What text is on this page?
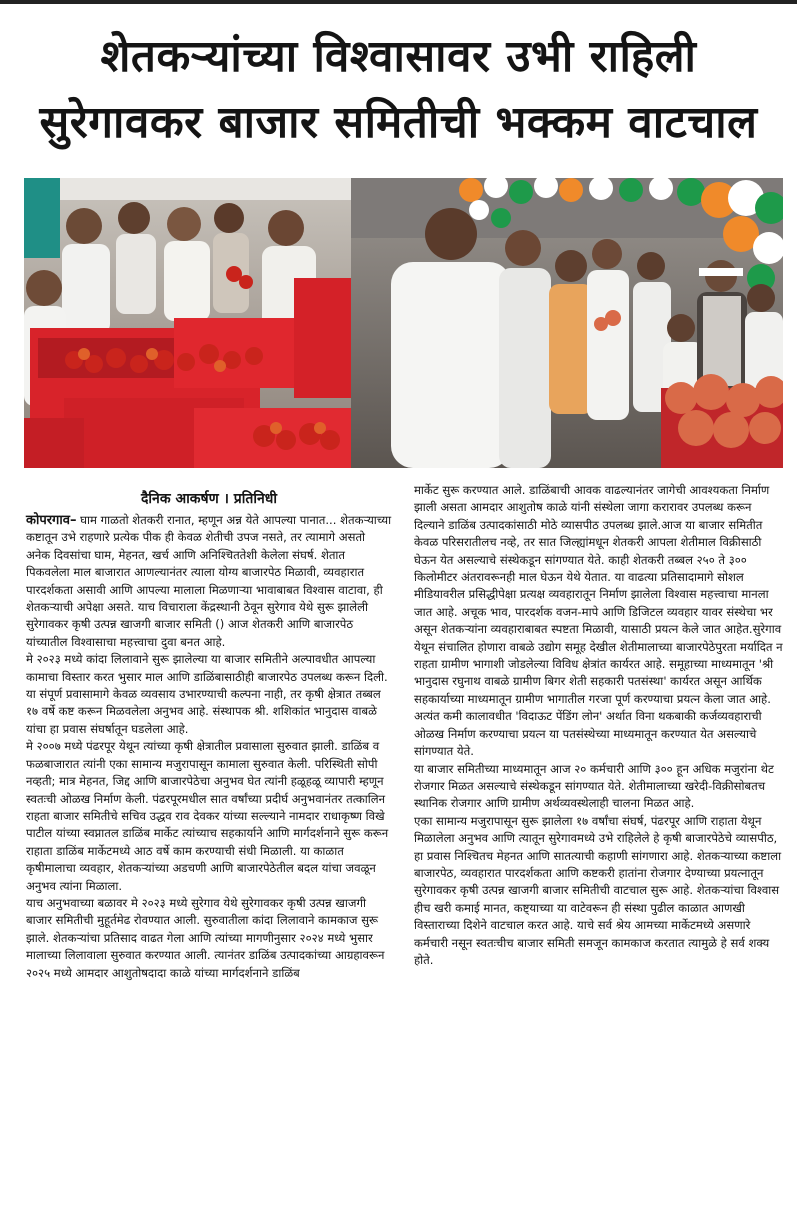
शेतकऱ्यांच्या विश्वासावर उभी राहिली
सुरेगावकर बाजार समितीची भक्कम वाटचाल
दैनिक आकर्षण । प्रतिनिधी

कोपरगाव– घाम गाळतो शेतकरी रानात, म्हणून अन्न येते आपल्या पानात... शेतकऱ्याच्या कष्टातून उभे राहणारे प्रत्येक पीक ही केवळ शेतीची उपज नसते, तर त्यामागे असतो अनेक दिवसांचा घाम, मेहनत, खर्च आणि अनिश्चिततेशी केलेला संघर्ष. शेतात पिकवलेला माल बाजारात आणल्यानंतर त्याला योग्य बाजारपेठ मिळावी, व्यवहारात पारदर्शकता असावी आणि आपल्या मालाला मिळणाऱ्या भावाबाबत विश्वास वाटावा, ही शेतकऱ्याची अपेक्षा असते. याच विचाराला केंद्रस्थानी ठेवून सुरेगाव येथे सुरू झालेली सुरेगावकर कृषी उत्पन्न खाजगी बाजार समिती () आज शेतकरी आणि बाजारपेठ यांच्यातील विश्वासाचा महत्त्वाचा दुवा बनत आहे.

मे २०२३ मध्ये कांदा लिलावाने सुरू झालेल्या या बाजार समितीने अल्पावधीत आपल्या कामाचा विस्तार करत भुसार माल आणि डाळिंबासाठीही बाजारपेठ उपलब्ध करून दिली. या संपूर्ण प्रवासामागे केवळ व्यवसाय उभारण्याची कल्पना नाही, तर कृषी क्षेत्रात तब्बल १७ वर्षे कष्ट करून मिळवलेला अनुभव आहे. संस्थापक श्री. शशिकांत भानुदास वाबळे यांचा हा प्रवास संघर्षातून घडलेला आहे.

मे २००७ मध्ये पंढरपूर येथून त्यांच्या कृषी क्षेत्रातील प्रवासाला सुरुवात झाली. डाळिंब व फळबाजारात त्यांनी एका सामान्य मजुरापासून कामाला सुरुवात केली. परिस्थिती सोपी नव्हती; मात्र मेहनत, जिद्द आणि बाजारपेठेचा अनुभव घेत त्यांनी हळूहळू व्यापारी म्हणून स्वतःची ओळख निर्माण केली. पंढरपूरमधील सात वर्षांच्या प्रदीर्घ अनुभवानंतर तत्कालिन राहता बाजार समितीचे सचिव उद्धव राव देवकर यांच्या सल्ल्याने नामदार राधाकृष्ण विखे पाटील यांच्या स्वप्नातल डाळिंब मार्केट त्यांच्याच सहकार्याने आणि मार्गदर्शनाने सुरू करून राहाता डाळिंब मार्केटमध्ये आठ वर्षे काम करण्याची संधी मिळाली. या काळात कृषीमालाचा व्यवहार, शेतकऱ्यांच्या अडचणी आणि बाजारपेठेतील बदल यांचा जवळून अनुभव त्यांना मिळाला.

याच अनुभवाच्या बळावर मे २०२३ मध्ये सुरेगाव येथे सुरेगावकर कृषी उत्पन्न खाजगी बाजार समितीची मुहूर्तमेढ रोवण्यात आली. सुरुवातीला कांदा लिलावाने कामकाज सुरू झाले. शेतकऱ्यांचा प्रतिसाद वाढत गेला आणि त्यांच्या मागणीनुसार २०२४ मध्ये भुसार मालाच्या लिलावाला सुरुवात करण्यात आली. त्यानंतर डाळिंब उत्पादकांच्या आग्रहावरून २०२५ मध्ये आमदार आशुतोषदादा काळे यांच्या मार्गदर्शनाने डाळिंब

मार्केट सुरू करण्यात आले. डाळिंबाची आवक वाढल्यानंतर जागेची आवश्यकता निर्माण झाली असता आमदार आशुतोष काळे यांनी संस्थेला जागा करारावर उपलब्ध करून दिल्याने डाळिंब उत्पादकांसाठी मोठे व्यासपीठ उपलब्ध झाले.आज या बाजार समितीत केवळ परिसरातीलच नव्हे, तर सात जिल्ह्यांमधून शेतकरी आपला शेतीमाल विक्रीसाठी घेऊन येत असल्याचे संस्थेकडून सांगण्यात येते. काही शेतकरी तब्बल २५० ते ३०० किलोमीटर अंतरावरूनही माल घेऊन येथे येतात. या वाढत्या प्रतिसादामागे सोशल मीडियावरील प्रसिद्धीपेक्षा प्रत्यक्ष व्यवहारातून निर्माण झालेला विश्वास महत्त्वाचा मानला जात आहे. अचूक भाव, पारदर्शक वजन-मापे आणि डिजिटल व्यवहार यावर संस्थेचा भर असून शेतकऱ्यांना व्यवहाराबाबत स्पष्टता मिळावी, यासाठी प्रयत्न केले जात आहेत.सुरेगाव येथून संचालित होणारा वाबळे उद्योग समूह देखील शेतीमालाच्या बाजारपेठेपुरता मर्यादित न राहता ग्रामीण भागाशी जोडलेल्या विविध क्षेत्रांत कार्यरत आहे. समूहाच्या माध्यमातून 'श्री भानुदास रघुनाथ वाबळे ग्रामीण बिगर शेती सहकारी पतसंस्था' कार्यरत असून आर्थिक सहकार्याच्या माध्यमातून ग्रामीण भागातील गरजा पूर्ण करण्याचा प्रयत्न केला जात आहे. अत्यंत कमी कालावधीत 'विदाऊट पेंडिंग लोन' अर्थात विना थकबाकी कर्जव्यवहाराची ओळख निर्माण करण्याचा प्रयत्न या पतसंस्थेच्या माध्यमातून करण्यात येत असल्याचे सांगण्यात येते.

या बाजार समितीच्या माध्यमातून आज २० कर्मचारी आणि ३०० हून अधिक मजुरांना थेट रोजगार मिळत असल्याचे संस्थेकडून सांगण्यात येते. शेतीमालाच्या खरेदी-विक्रीसोबतच स्थानिक रोजगार आणि ग्रामीण अर्थव्यवस्थेलाही चालना मिळत आहे.

एका सामान्य मजुरापासून सुरू झालेला १७ वर्षांचा संघर्ष, पंढरपूर आणि राहाता येथून मिळालेला अनुभव आणि त्यातून सुरेगावमध्ये उभे राहिलेले हे कृषी बाजारपेठेचे व्यासपीठ, हा प्रवास निश्चितच मेहनत आणि सातत्याची कहाणी सांगणारा आहे. शेतकऱ्याच्या कष्टाला बाजारपेठ, व्यवहारात पारदर्शकता आणि कष्टकरी हातांना रोजगार देण्याच्या प्रयत्नातून सुरेगावकर कृषी उत्पन्न खाजगी बाजार समितीची वाटचाल सुरू आहे. शेतकऱ्यांचा विश्वास हीच खरी कमाई मानत, कष्ट्याच्या या वाटेवरून ही संस्था पुढील काळात आणखी विस्ताराच्या दिशेने वाटचाल करत आहे. याचे सर्व श्रेय आमच्या मार्केटमध्ये असणारे कर्मचारी नसून स्वतःचीच बाजार समिती समजून कामकाज करतात त्यामुळे हे सर्व शक्य होते.
